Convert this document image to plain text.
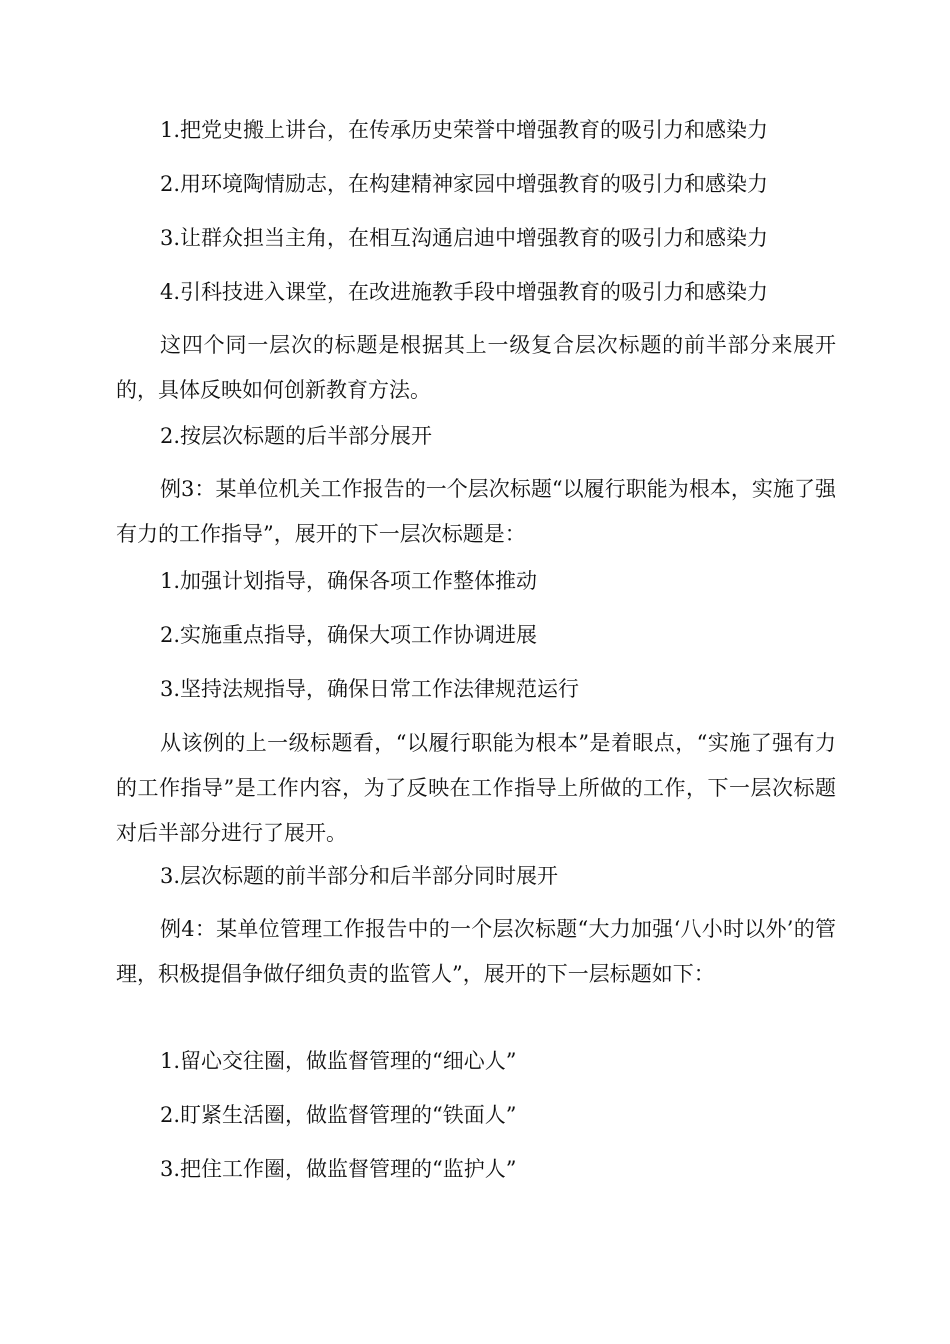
1.把党史搬上讲台，在传承历史荣誉中增强教育的吸引力和感染力
2.用环境陶情励志，在构建精神家园中增强教育的吸引力和感染力
3.让群众担当主角，在相互沟通启迪中增强教育的吸引力和感染力
4.引科技进入课堂，在改进施教手段中增强教育的吸引力和感染力
这四个同一层次的标题是根据其上一级复合层次标题的前半部分来展开的，具体反映如何创新教育方法。
2.按层次标题的后半部分展开
例3：某单位机关工作报告的一个层次标题“以履行职能为根本，实施了强有力的工作指导”，展开的下一层次标题是：
1.加强计划指导，确保各项工作整体推动
2.实施重点指导，确保大项工作协调进展
3.坚持法规指导，确保日常工作法律规范运行
从该例的上一级标题看，“以履行职能为根本”是着眼点，“实施了强有力的工作指导”是工作内容，为了反映在工作指导上所做的工作，下一层次标题对后半部分进行了展开。
3.层次标题的前半部分和后半部分同时展开
例4：某单位管理工作报告中的一个层次标题“大力加强‘八小时以外’的管理，积极提倡争做仔细负责的监管人”，展开的下一层标题如下：
1.留心交往圈，做监督管理的“细心人”
2.盯紧生活圈，做监督管理的“铁面人”
3.把住工作圈，做监督管理的“监护人”
